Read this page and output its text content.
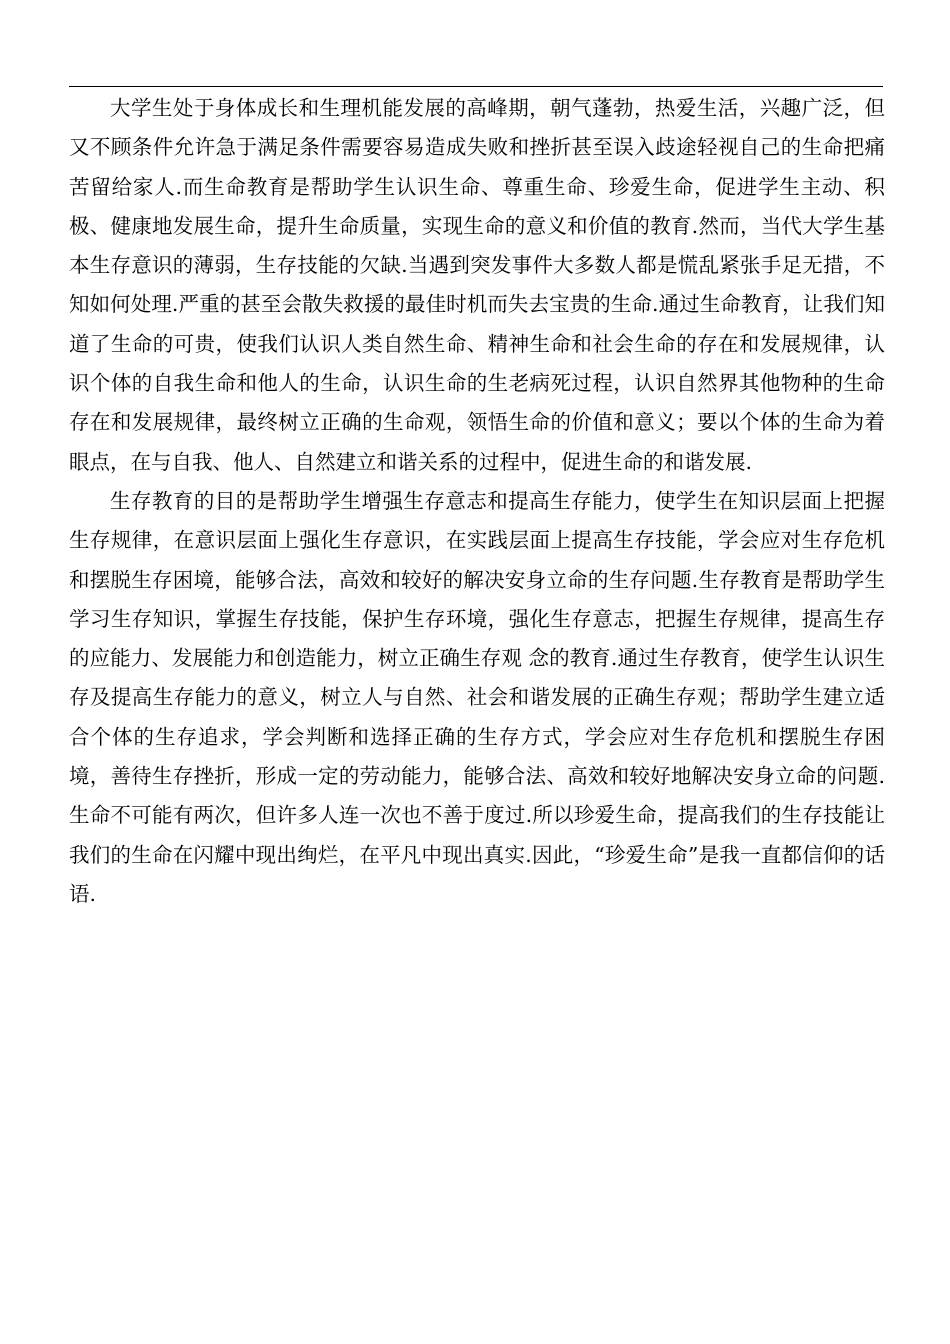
大学生处于身体成长和生理机能发展的高峰期，朝气蓬勃，热爱生活，兴趣广泛，但又不顾条件允许急于满足条件需要容易造成失败和挫折甚至误入歧途轻视自己的生命把痛苦留给家人.而生命教育是帮助学生认识生命、尊重生命、珍爱生命，促进学生主动、积极、健康地发展生命，提升生命质量，实现生命的意义和价值的教育.然而，当代大学生基本生存意识的薄弱，生存技能的欠缺.当遇到突发事件大多数人都是慌乱紧张手足无措，不知如何处理.严重的甚至会散失救援的最佳时机而失去宝贵的生命.通过生命教育，让我们知道了生命的可贵，使我们认识人类自然生命、精神生命和社会生命的存在和发展规律，认识个体的自我生命和他人的生命，认识生命的生老病死过程，认识自然界其他物种的生命存在和发展规律，最终树立正确的生命观，领悟生命的价值和意义；要以个体的生命为着眼点，在与自我、他人、自然建立和谐关系的过程中，促进生命的和谐发展.

生存教育的目的是帮助学生增强生存意志和提高生存能力，使学生在知识层面上把握生存规律，在意识层面上强化生存意识，在实践层面上提高生存技能，学会应对生存危机和摆脱生存困境，能够合法，高效和较好的解决安身立命的生存问题.生存教育是帮助学生学习生存知识，掌握生存技能，保护生存环境，强化生存意志，把握生存规律，提高生存的应能力、发展能力和创造能力，树立正确生存观 念的教育.通过生存教育，使学生认识生存及提高生存能力的意义，树立人与自然、社会和谐发展的正确生存观；帮助学生建立适合个体的生存追求，学会判断和选择正确的生存方式，学会应对生存危机和摆脱生存困境，善待生存挫折，形成一定的劳动能力，能够合法、高效和较好地解决安身立命的问题.生命不可能有两次，但许多人连一次也不善于度过.所以珍爱生命，提高我们的生存技能让我们的生命在闪耀中现出绚烂，在平凡中现出真实.因此，“珍爱生命”是我一直都信仰的话语.
